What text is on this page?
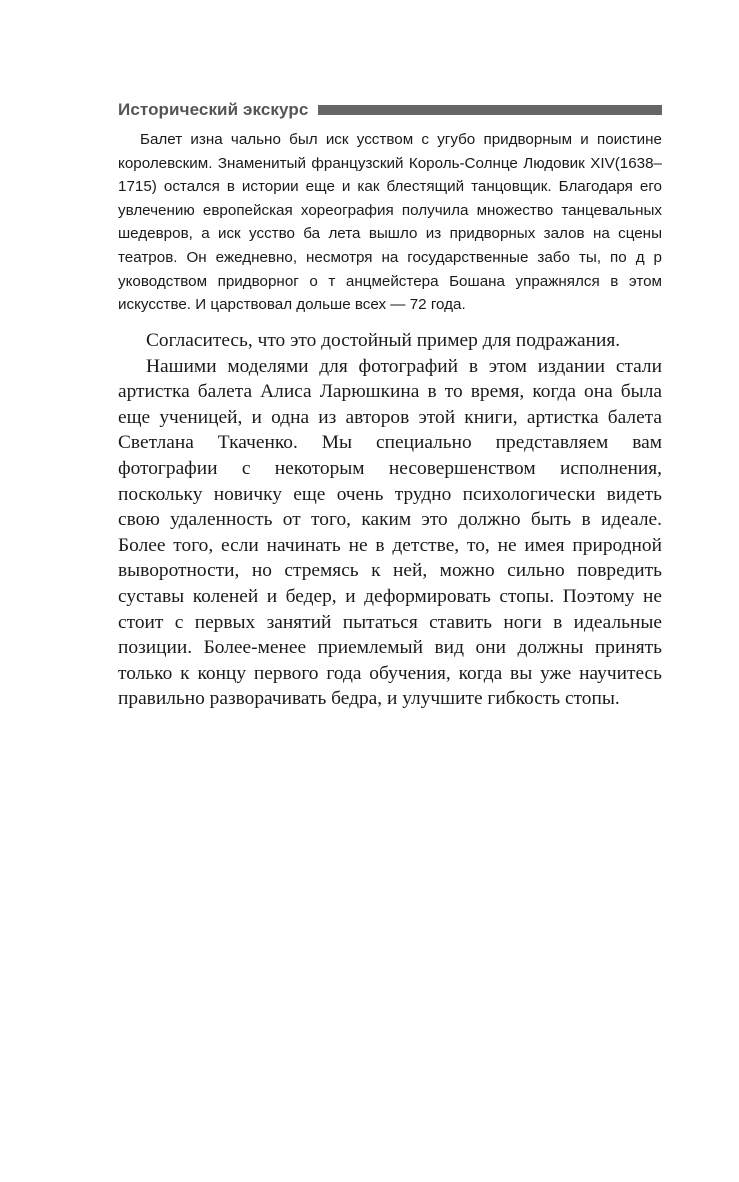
Исторический экскурс

Балет изна чально был иск усством с угубо придворным и поистине королевским. Знаменитый французский Король-Солнце Людовик XIV(1638–1715) остался в истории еще и как блестящий танцовщик. Благодаря его увлечению европейская хореография получила множество танцевальных шедевров, а иск усство ба лета вышло из придворных залов на сцены театров. Он ежедневно, несмотря на государственные забо ты, по д р уководством придворног о т анцмейстера Бошана упражнялся в этом искусстве. И царствовал дольше всех — 72 года.

Согласитесь, что это достойный пример для подражания.

Нашими моделями для фотографий в этом издании стали артистка балета Алиса Ларюшкина в то время, когда она была еще ученицей, и одна из авторов этой книги, артистка балета Светлана Ткаченко. Мы специально представляем вам фотографии с некоторым несовершенством исполнения, поскольку новичку еще очень трудно психологически видеть свою удаленность от того, каким это должно быть в идеале. Более того, если начинать не в детстве, то, не имея природной выворотности, но стремясь к ней, можно сильно повредить суставы коленей и бедер, и деформировать стопы. Поэтому не стоит с первых занятий пытаться ставить ноги в идеальные позиции. Более-менее приемлемый вид они должны принять только к концу первого года обучения, когда вы уже научитесь правильно разворачивать бедра, и улучшите гибкость стопы.
